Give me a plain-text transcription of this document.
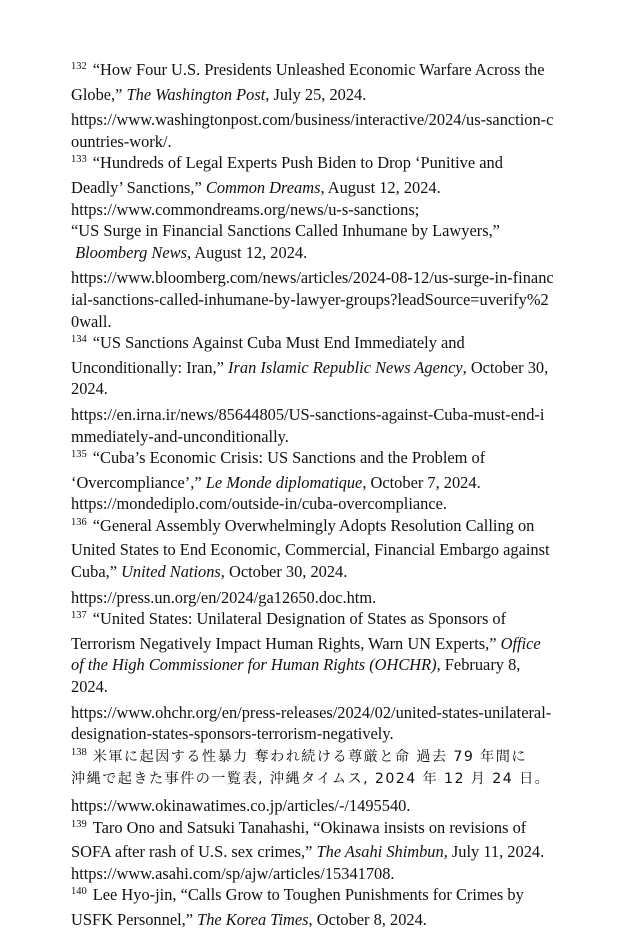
$^{132}$ “How Four U.S. Presidents Unleashed Economic Warfare Across the
Globe,” The Washington Post, July 25, 2024.
https://www.washingtonpost.com/business/interactive/2024/us-sanction-c
ountries-work/.
$^{133}$ “Hundreds of Legal Experts Push Biden to Drop ‘Punitive and
Deadly’ Sanctions,” Common Dreams, August 12, 2024.
https://www.commondreams.org/news/u-s-sanctions;
“US Surge in Financial Sanctions Called Inhumane by Lawyers,”
Bloomberg News, August 12, 2024.
https://www.bloomberg.com/news/articles/2024-08-12/us-surge-in-financ
ial-sanctions-called-inhumane-by-lawyer-groups?leadSource=uverify%2
0wall.
$^{134}$ “US Sanctions Against Cuba Must End Immediately and
Unconditionally: Iran,” Iran Islamic Republic News Agency, October 30,
2024.
https://en.irna.ir/news/85644805/US-sanctions-against-Cuba-must-end-i
mmediately-and-unconditionally.
$^{135}$ “Cuba’s Economic Crisis: US Sanctions and the Problem of
‘Overcompliance’,” Le Monde diplomatique, October 7, 2024.
https://mondediplo.com/outside-in/cuba-overcompliance.
$^{136}$ “General Assembly Overwhelmingly Adopts Resolution Calling on
United States to End Economic, Commercial, Financial Embargo against
Cuba,” United Nations, October 30, 2024.
https://press.un.org/en/2024/ga12650.doc.htm.
$^{137}$ “United States: Unilateral Designation of States as Sponsors of
Terrorism Negatively Impact Human Rights, Warn UN Experts,” Office
of the High Commissioner for Human Rights (OHCHR), February 8,
2024.
https://www.ohchr.org/en/press-releases/2024/02/united-states-unilateral-
designation-states-sponsors-terrorism-negatively.
$^{138}$ 米軍に起因する性暴力 奪われ続ける尊厳と命 過去 79 年間に
沖縄で起きた事件の一覧表, 沖縄タイムス, 2024 年 12 月 24 日。
https://www.okinawatimes.co.jp/articles/-/1495540.
$^{139}$ Taro Ono and Satsuki Tanahashi, “Okinawa insists on revisions of
SOFA after rash of U.S. sex crimes,” The Asahi Shimbun, July 11, 2024.
https://www.asahi.com/sp/ajw/articles/15341708.
$^{140}$ Lee Hyo-jin, “Calls Grow to Toughen Punishments for Crimes by
USFK Personnel,” The Korea Times, October 8, 2024.
